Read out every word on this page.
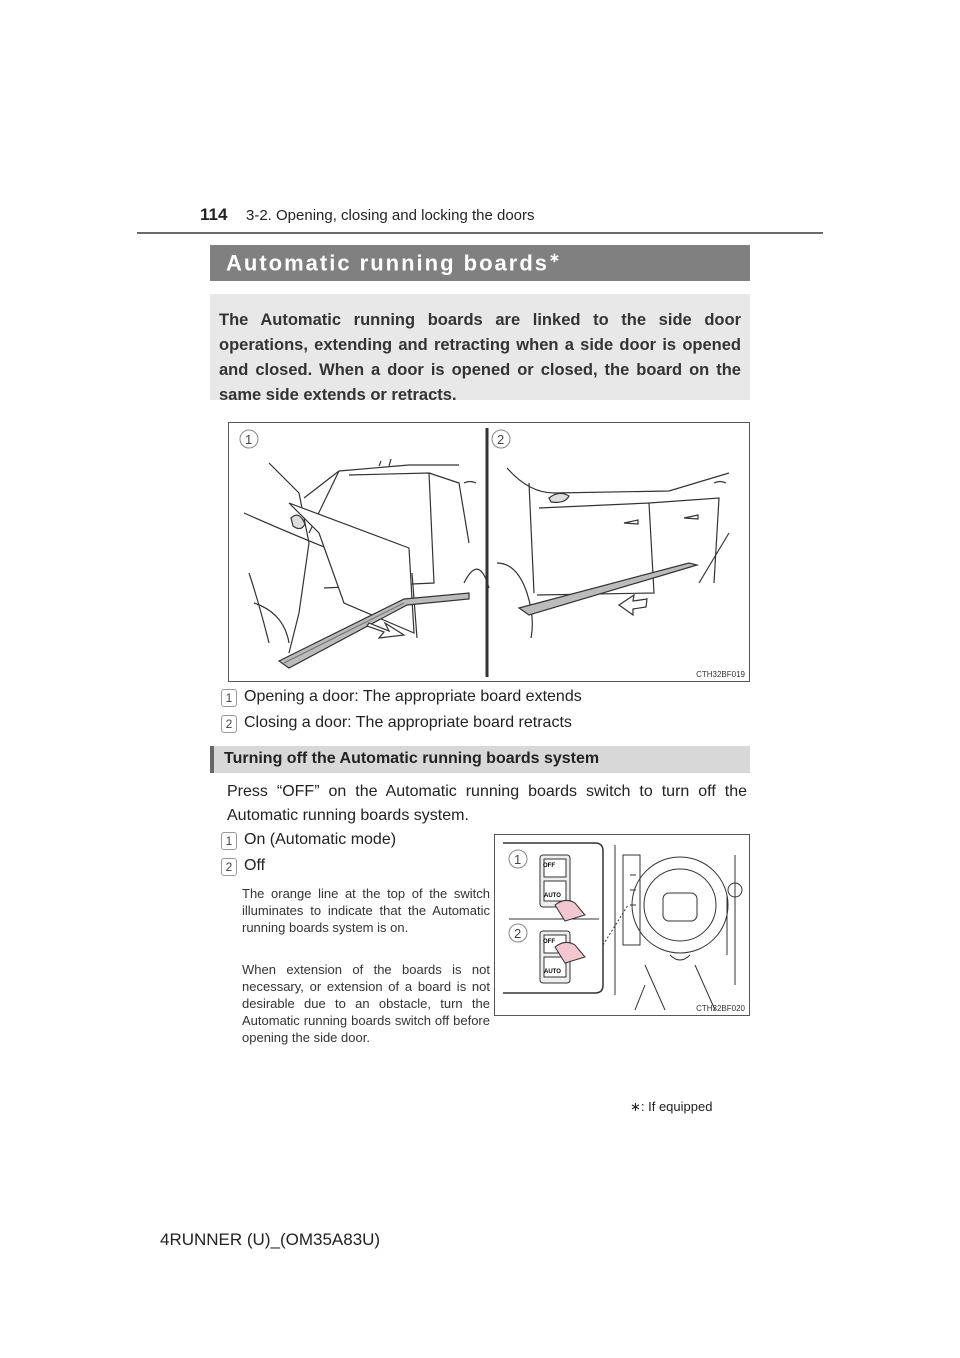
114 3-2. Opening, closing and locking the doors
Automatic running boards∗

The Automatic running boards are linked to the side door operations, extending and retracting when a side door is opened and closed. When a door is opened or closed, the board on the same side extends or retracts.

1	2
CTH32BF019
1 Opening a door: The appropriate board extends
2 Closing a door: The appropriate board retracts
Turning off the Automatic running boards system
Press “OFF” on the Automatic running boards switch to turn off the Automatic running boards system.
1 On (Automatic mode)
2 Off
The orange line at the top of the switch illuminates to indicate that the Automatic running boards system is on.
When extension of the boards is not necessary, or extension of a board is not desirable due to an obstacle, turn the Automatic running boards switch off before opening the side door.
OFF
AUTO
OFF
AUTO
1
2
CTH32BF020
∗: If equipped
4RUNNER (U)_(OM35A83U)
